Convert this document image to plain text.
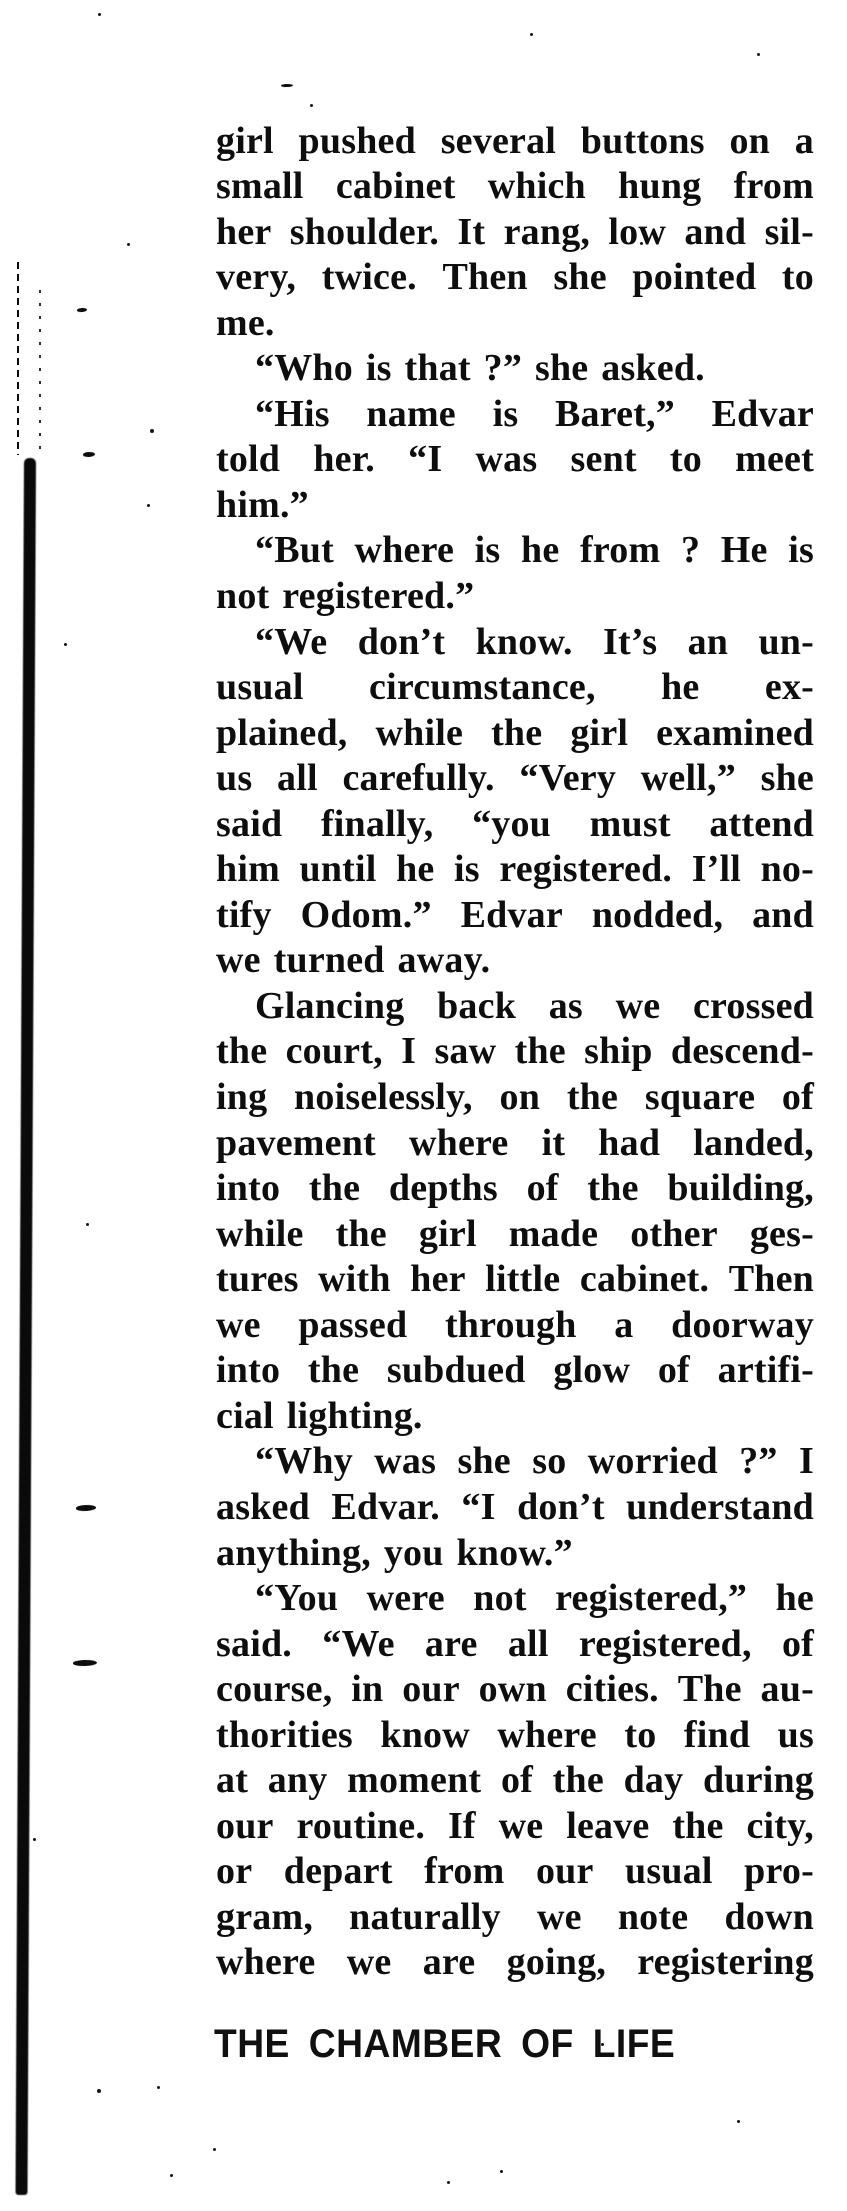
girl pushed several buttons on a
small cabinet which hung from
her shoulder. It rang, low and sil-
very, twice. Then she pointed to
me.
“Who is that ?” she asked.
“His name is Baret,” Edvar
told her. “I was sent to meet
him.”
“But where is he from ? He is
not registered.”
“We don’t know. It’s an un-
usual circumstance, he ex-
plained, while the girl examined
us all carefully. “Very well,” she
said finally, “you must attend
him until he is registered. I’ll no-
tify Odom.” Edvar nodded, and
we turned away.
Glancing back as we crossed
the court, I saw the ship descend-
ing noiselessly, on the square of
pavement where it had landed,
into the depths of the building,
while the girl made other ges-
tures with her little cabinet. Then
we passed through a doorway
into the subdued glow of artifi-
cial lighting.
“Why was she so worried ?” I
asked Edvar. “I don’t understand
anything, you know.”
“You were not registered,” he
said. “We are all registered, of
course, in our own cities. The au-
thorities know where to find us
at any moment of the day during
our routine. If we leave the city,
or depart from our usual pro-
gram, naturally we note down
where we are going, registering
THE CHAMBER OF LIFE
